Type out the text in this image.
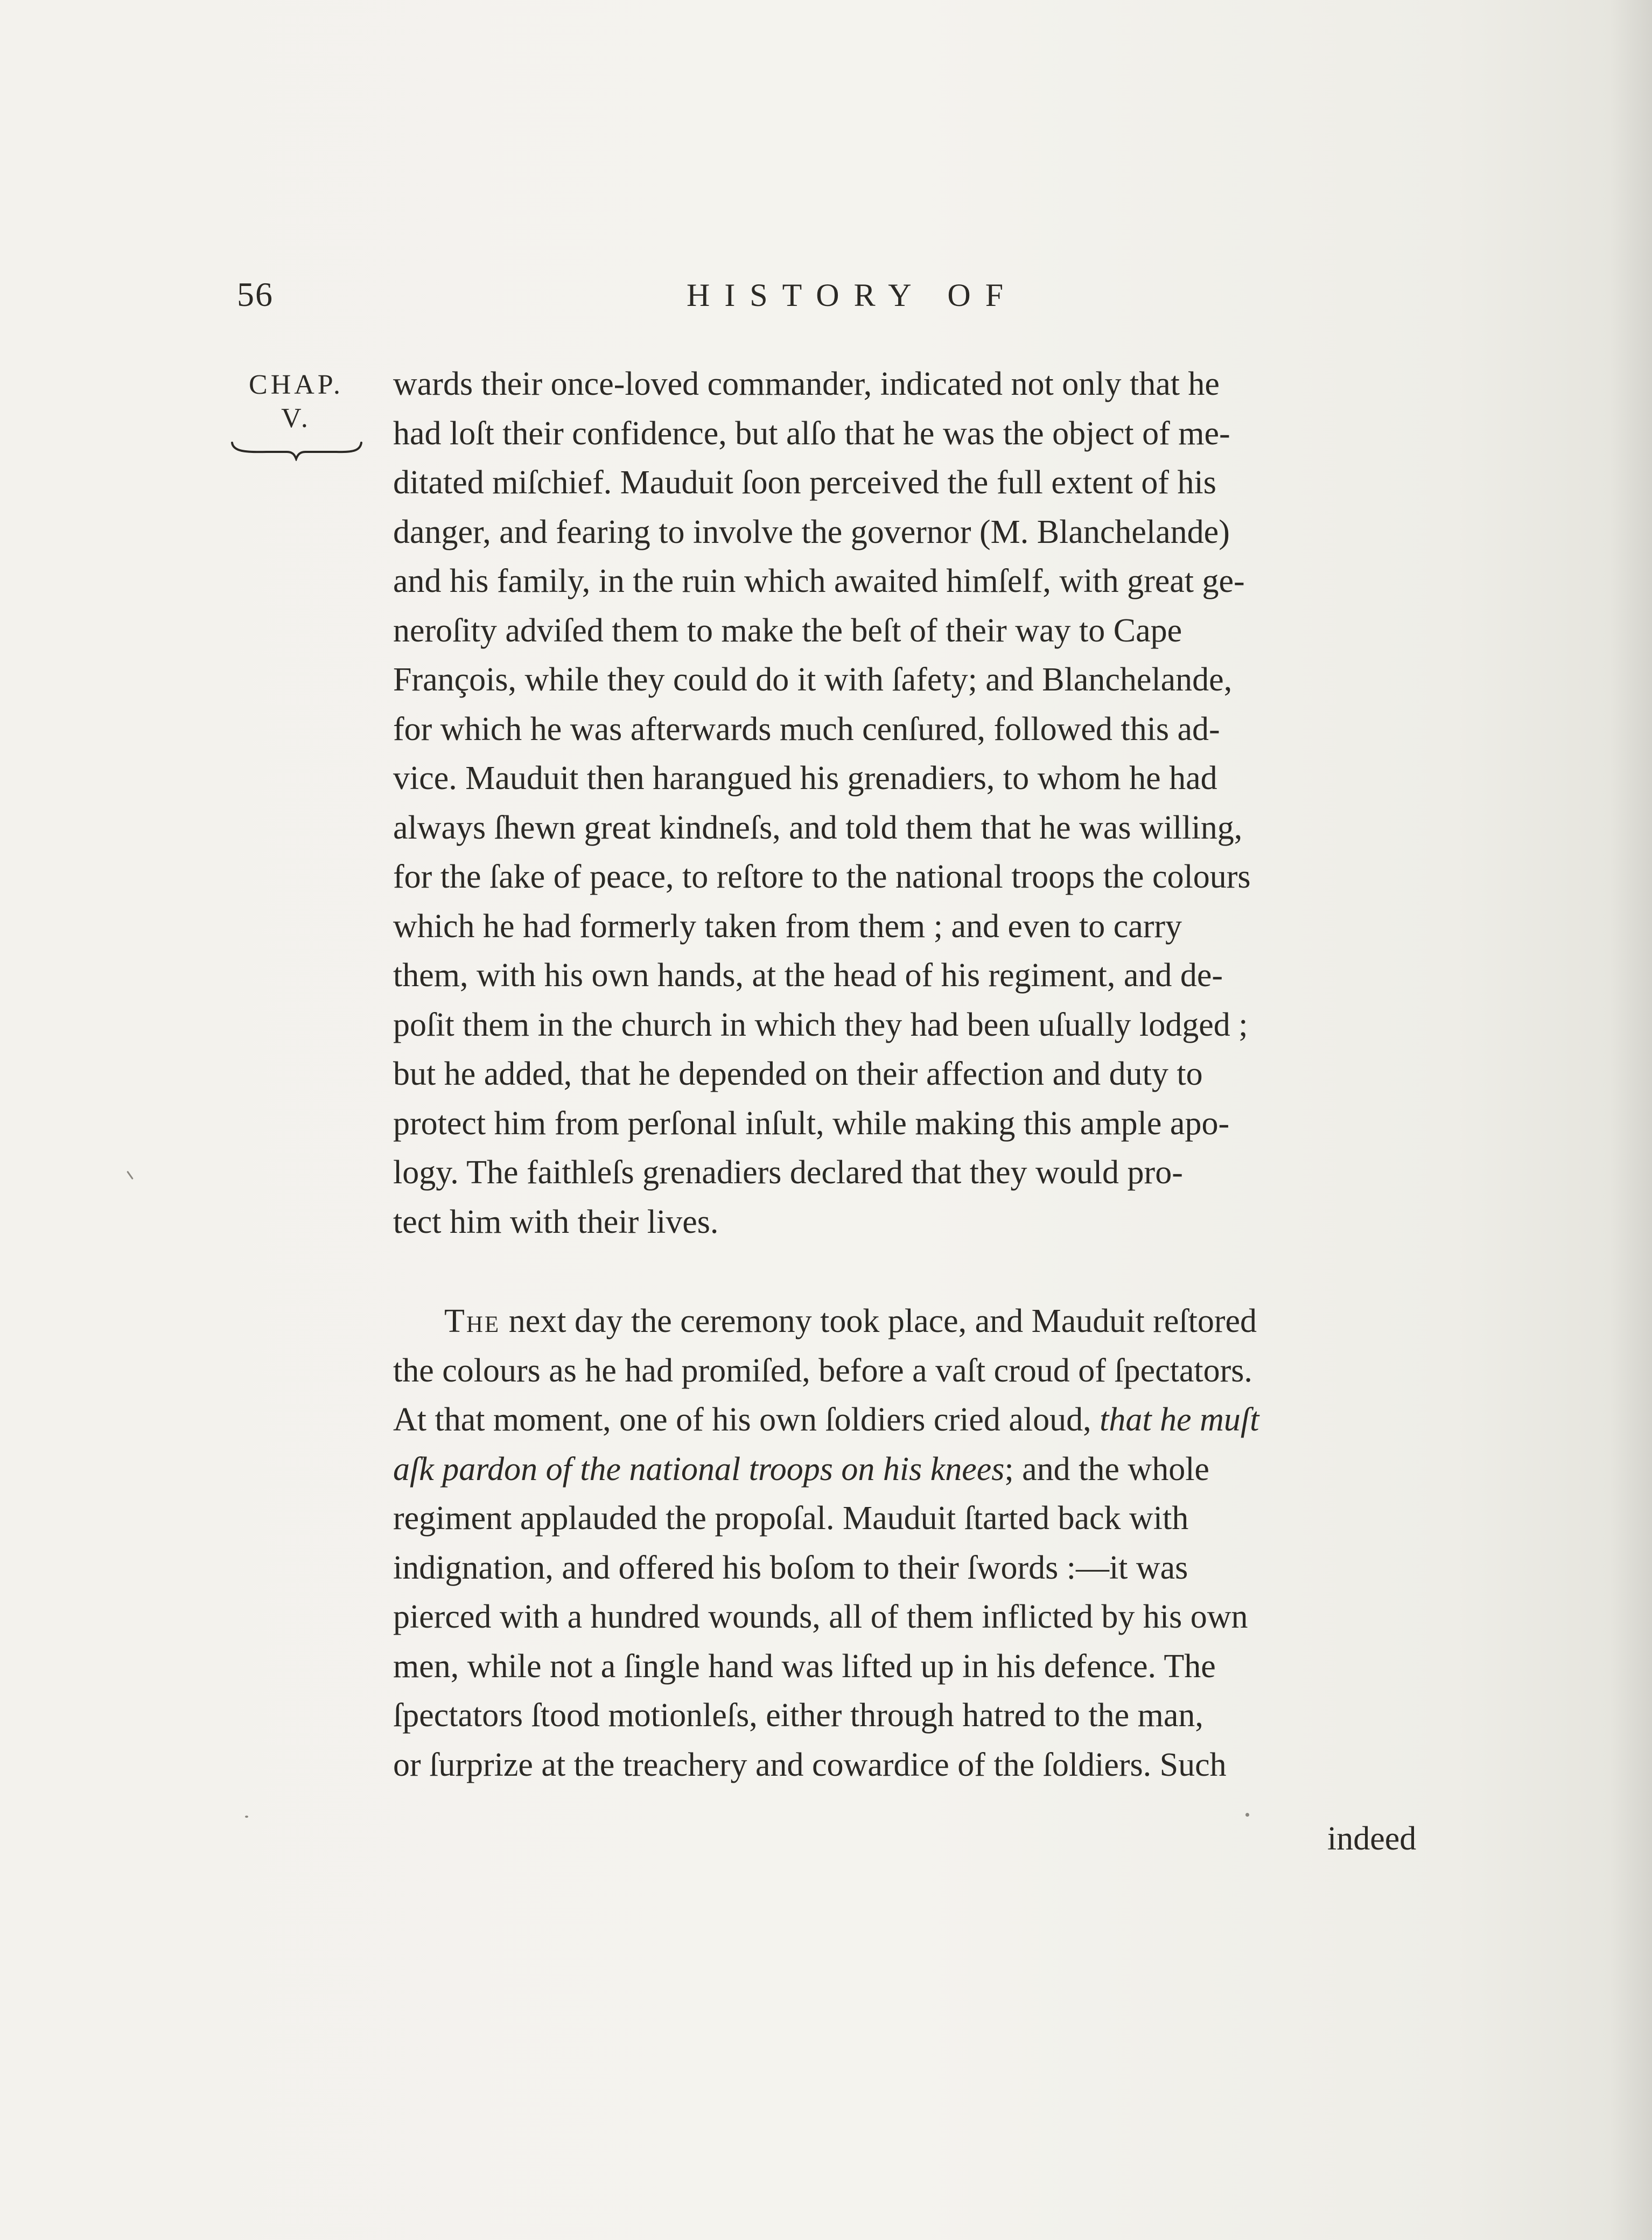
56	HISTORY OF
CHAP.
V.
wards their once-loved commander, indicated not only that he
had loſt their confidence, but alſo that he was the object of me-
ditated miſchief. Mauduit ſoon perceived the full extent of his
danger, and fearing to involve the governor (M. Blanchelande)
and his family, in the ruin which awaited himſelf, with great ge-
neroſity adviſed them to make the beſt of their way to Cape
François, while they could do it with ſafety; and Blanchelande,
for which he was afterwards much cenſured, followed this ad-
vice. Mauduit then harangued his grenadiers, to whom he had
always ſhewn great kindneſs, and told them that he was willing,
for the ſake of peace, to reſtore to the national troops the colours
which he had formerly taken from them ; and even to carry
them, with his own hands, at the head of his regiment, and de-
poſit them in the church in which they had been uſually lodged ;
but he added, that he depended on their affection and duty to
protect him from perſonal inſult, while making this ample apo-
logy. The faithleſs grenadiers declared that they would pro-
tect him with their lives.
The next day the ceremony took place, and Mauduit reſtored
the colours as he had promiſed, before a vaſt croud of ſpectators.
At that moment, one of his own ſoldiers cried aloud, that he muſt
aſk pardon of the national troops on his knees; and the whole
regiment applauded the propoſal. Mauduit ſtarted back with
indignation, and offered his boſom to their ſwords :—it was
pierced with a hundred wounds, all of them inflicted by his own
men, while not a ſingle hand was lifted up in his defence. The
ſpectators ſtood motionleſs, either through hatred to the man,
or ſurprize at the treachery and cowardice of the ſoldiers. Such
indeed
